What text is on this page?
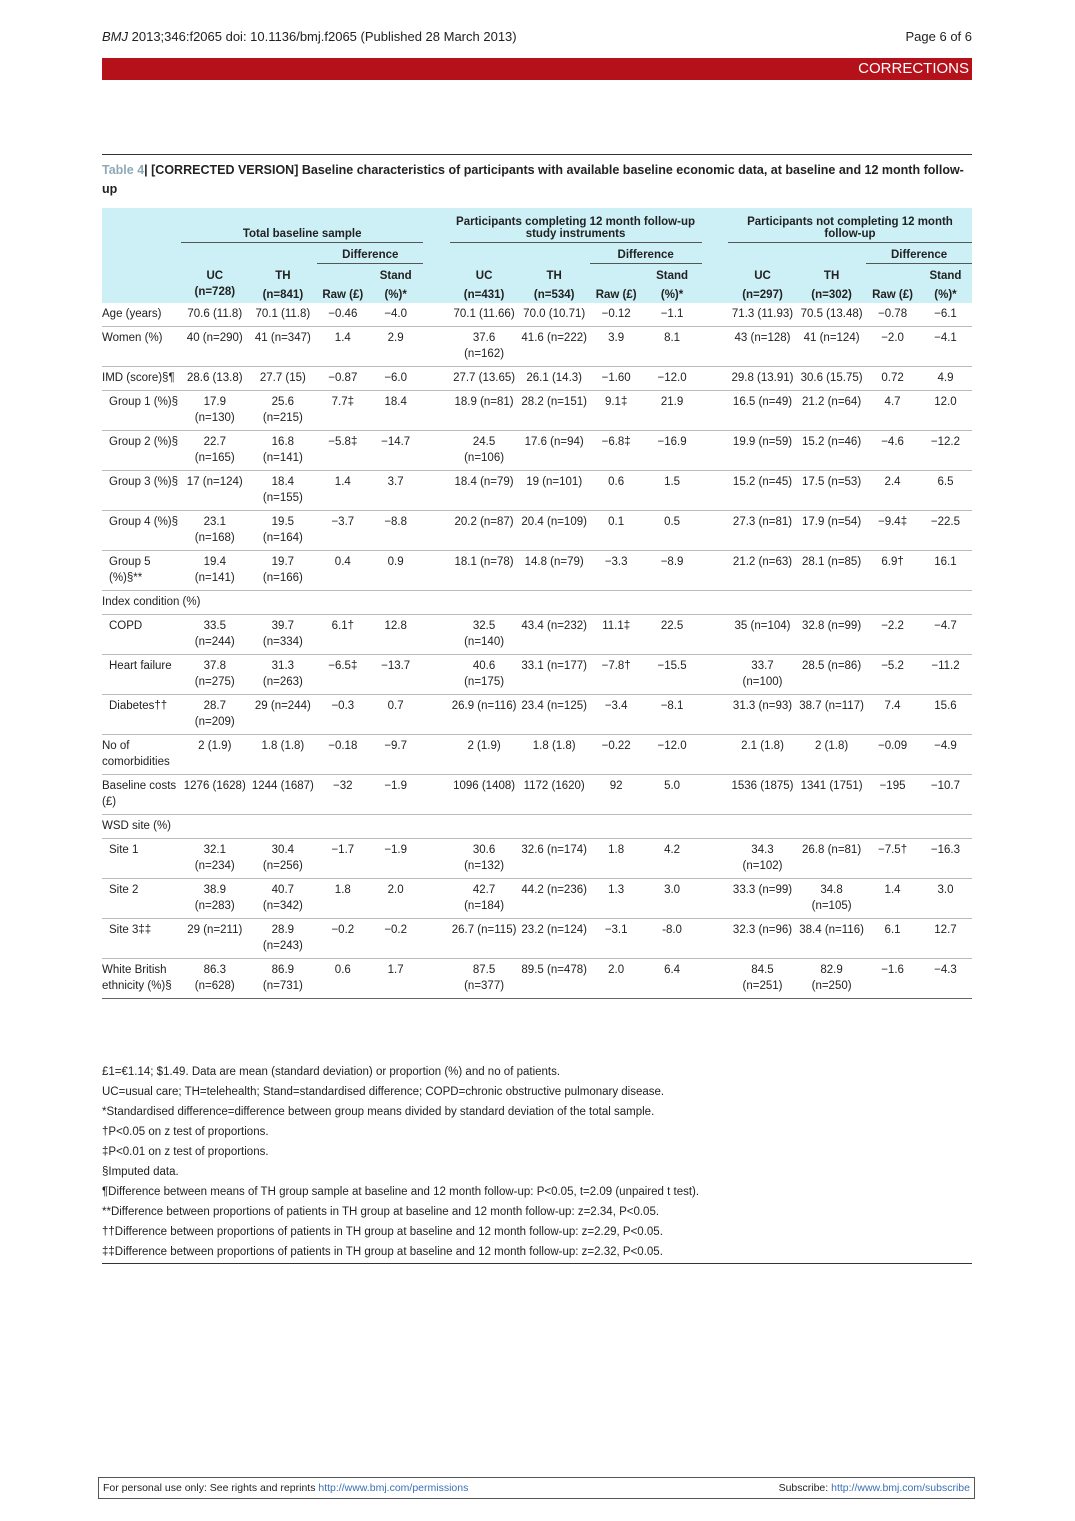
BMJ 2013;346:f2065 doi: 10.1136/bmj.f2065 (Published 28 March 2013)	Page 6 of 6
CORRECTIONS
Table 4| [CORRECTED VERSION] Baseline characteristics of participants with available baseline economic data, at baseline and 12 month follow-up
	Total baseline sample					Participants completing 12 month follow-up study instruments					Participants not completing 12 month follow-up			
			Difference					Difference					Difference	
	UC	TH		Stand		UC	TH		Stand		UC	TH		Stand
	(n=728)	(n=841)	Raw (£)	(%)*		(n=431)	(n=534)	Raw (£)	(%)*		(n=297)	(n=302)	Raw (£)	(%)*
Age (years)	70.6 (11.8)	70.1 (11.8)	−0.46	−4.0		70.1 (11.66)	70.0 (10.71)	−0.12	−1.1		71.3 (11.93)	70.5 (13.48)	−0.78	−6.1
Women (%)	40 (n=290)	41 (n=347)	1.4	2.9		37.6 (n=162)	41.6 (n=222)	3.9	8.1		43 (n=128)	41 (n=124)	−2.0	−4.1
IMD (score)§¶	28.6 (13.8)	27.7 (15)	−0.87	−6.0		27.7 (13.65)	26.1 (14.3)	−1.60	−12.0		29.8 (13.91)	30.6 (15.75)	0.72	4.9
Group 1 (%)§	17.9 (n=130)	25.6 (n=215)	7.7‡	18.4		18.9 (n=81)	28.2 (n=151)	9.1‡	21.9		16.5 (n=49)	21.2 (n=64)	4.7	12.0
Group 2 (%)§	22.7 (n=165)	16.8 (n=141)	−5.8‡	−14.7		24.5 (n=106)	17.6 (n=94)	−6.8‡	−16.9		19.9 (n=59)	15.2 (n=46)	−4.6	−12.2
Group 3 (%)§	17 (n=124)	18.4 (n=155)	1.4	3.7		18.4 (n=79)	19 (n=101)	0.6	1.5		15.2 (n=45)	17.5 (n=53)	2.4	6.5
Group 4 (%)§	23.1 (n=168)	19.5 (n=164)	−3.7	−8.8		20.2 (n=87)	20.4 (n=109)	0.1	0.5		27.3 (n=81)	17.9 (n=54)	−9.4‡	−22.5
Group 5 (%)§**	19.4 (n=141)	19.7 (n=166)	0.4	0.9		18.1 (n=78)	14.8 (n=79)	−3.3	−8.9		21.2 (n=63)	28.1 (n=85)	6.9†	16.1
Index condition (%)														
COPD	33.5 (n=244)	39.7 (n=334)	6.1†	12.8		32.5 (n=140)	43.4 (n=232)	11.1‡	22.5		35 (n=104)	32.8 (n=99)	−2.2	−4.7
Heart failure	37.8 (n=275)	31.3 (n=263)	−6.5‡	−13.7		40.6 (n=175)	33.1 (n=177)	−7.8†	−15.5		33.7 (n=100)	28.5 (n=86)	−5.2	−11.2
Diabetes††	28.7 (n=209)	29 (n=244)	−0.3	0.7		26.9 (n=116)	23.4 (n=125)	−3.4	−8.1		31.3 (n=93)	38.7 (n=117)	7.4	15.6
No of comorbidities	2 (1.9)	1.8 (1.8)	−0.18	−9.7		2 (1.9)	1.8 (1.8)	−0.22	−12.0		2.1 (1.8)	2 (1.8)	−0.09	−4.9
Baseline costs (£)	1276 (1628)	1244 (1687)	−32	−1.9		1096 (1408)	1172 (1620)	92	5.0		1536 (1875)	1341 (1751)	−195	−10.7
WSD site (%)														
Site 1	32.1 (n=234)	30.4 (n=256)	−1.7	−1.9		30.6 (n=132)	32.6 (n=174)	1.8	4.2		34.3 (n=102)	26.8 (n=81)	−7.5†	−16.3
Site 2	38.9 (n=283)	40.7 (n=342)	1.8	2.0		42.7 (n=184)	44.2 (n=236)	1.3	3.0		33.3 (n=99)	34.8 (n=105)	1.4	3.0
Site 3‡‡	29 (n=211)	28.9 (n=243)	−0.2	−0.2		26.7 (n=115)	23.2 (n=124)	−3.1	-8.0		32.3 (n=96)	38.4 (n=116)	6.1	12.7
White British ethnicity (%)§	86.3 (n=628)	86.9 (n=731)	0.6	1.7		87.5 (n=377)	89.5 (n=478)	2.0	6.4		84.5 (n=251)	82.9 (n=250)	−1.6	−4.3

£1=€1.14; $1.49. Data are mean (standard deviation) or proportion (%) and no of patients.

UC=usual care; TH=telehealth; Stand=standardised difference; COPD=chronic obstructive pulmonary disease.

*Standardised difference=difference between group means divided by standard deviation of the total sample.

†P<0.05 on z test of proportions.

‡P<0.01 on z test of proportions.

§Imputed data.

¶Difference between means of TH group sample at baseline and 12 month follow-up: P<0.05, t=2.09 (unpaired t test).

**Difference between proportions of patients in TH group at baseline and 12 month follow-up: z=2.34, P<0.05.

††Difference between proportions of patients in TH group at baseline and 12 month follow-up: z=2.29, P<0.05.

‡‡Difference between proportions of patients in TH group at baseline and 12 month follow-up: z=2.32, P<0.05.

For personal use only: See rights and reprints http://www.bmj.com/permissions	Subscribe: http://www.bmj.com/subscribe
